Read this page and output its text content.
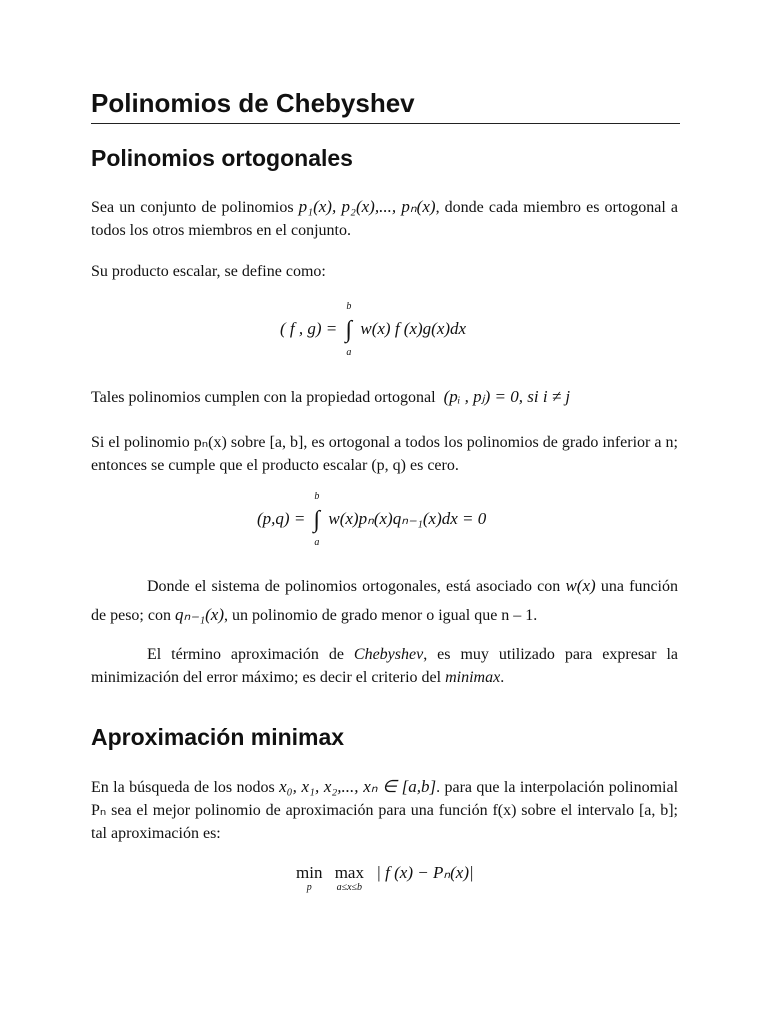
Polinomios de Chebyshev
Polinomios ortogonales
Sea un conjunto de polinomios p₁(x), p₂(x),..., pₙ(x), donde cada miembro es ortogonal a todos los otros miembros en el conjunto.
Su producto escalar, se define como:
( f , g) = ∫
b
a
w(x) f (x)g(x)dx
Tales polinomios cumplen con la propiedad ortogonal (pᵢ , pⱼ) = 0, si i ≠ j
Si el polinomio pₙ(x) sobre [a, b], es ortogonal a todos los polinomios de grado inferior a n; entonces se cumple que el producto escalar (p, q) es cero.
(p,q) = ∫
b
a
w(x)pₙ(x)qₙ₋₁(x)dx = 0
Donde el sistema de polinomios ortogonales, está asociado con w(x) una función de peso; con qₙ₋₁(x), un polinomio de grado menor o igual que n – 1.
El término aproximación de Chebyshev, es muy utilizado para expresar la minimización del error máximo; es decir el criterio del minimax.
Aproximación minimax
En la búsqueda de los nodos x₀, x₁, x₂,..., xₙ ∈ [a,b]. para que la interpolación polinomial Pₙ sea el mejor polinomio de aproximación para una función f(x) sobre el intervalo [a, b]; tal aproximación es:
min
p
max
a≤x≤b
| f (x) − Pₙ(x)|
